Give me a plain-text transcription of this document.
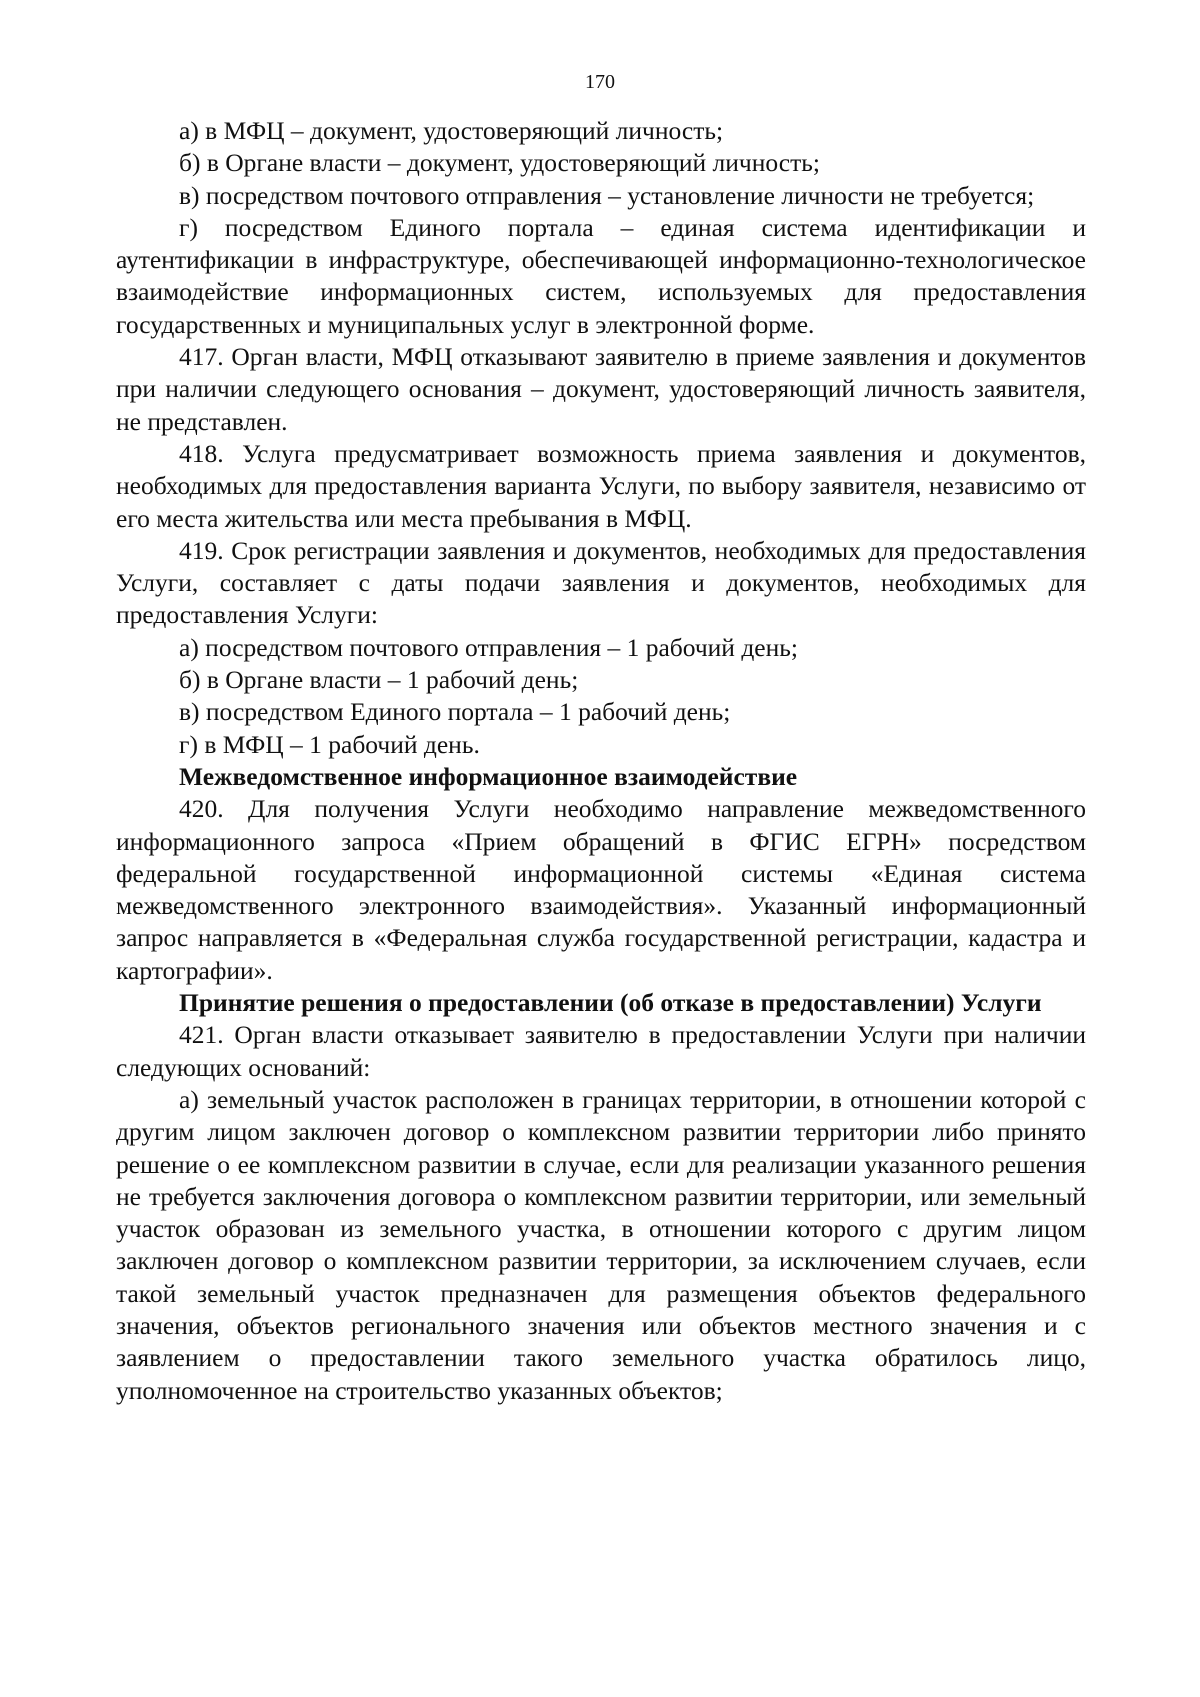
170

а) в МФЦ – документ, удостоверяющий личность;

б) в Органе власти – документ, удостоверяющий личность;

в) посредством почтового отправления – установление личности не требуется;

г) посредством Единого портала – единая система идентификации и аутентификации в инфраструктуре, обеспечивающей информационно-технологическое взаимодействие информационных систем, используемых для предоставления государственных и муниципальных услуг в электронной форме.

417. Орган власти, МФЦ отказывают заявителю в приеме заявления и документов при наличии следующего основания – документ, удостоверяющий личность заявителя, не представлен.

418. Услуга предусматривает возможность приема заявления и документов, необходимых для предоставления варианта Услуги, по выбору заявителя, независимо от его места жительства или места пребывания в МФЦ.

419. Срок регистрации заявления и документов, необходимых для предоставления Услуги, составляет с даты подачи заявления и документов, необходимых для предоставления Услуги:

а) посредством почтового отправления – 1 рабочий день;

б) в Органе власти – 1 рабочий день;

в) посредством Единого портала – 1 рабочий день;

г) в МФЦ – 1 рабочий день.

Межведомственное информационное взаимодействие

420. Для получения Услуги необходимо направление межведомственного информационного запроса «Прием обращений в ФГИС ЕГРН» посредством федеральной государственной информационной системы «Единая система межведомственного электронного взаимодействия». Указанный информационный запрос направляется в «Федеральная служба государственной регистрации, кадастра и картографии».

Принятие решения о предоставлении (об отказе в предоставлении) Услуги

421. Орган власти отказывает заявителю в предоставлении Услуги при наличии следующих оснований:

а) земельный участок расположен в границах территории, в отношении которой с другим лицом заключен договор о комплексном развитии территории либо принято решение о ее комплексном развитии в случае, если для реализации указанного решения не требуется заключения договора о комплексном развитии территории, или земельный участок образован из земельного участка, в отношении которого с другим лицом заключен договор о комплексном развитии территории, за исключением случаев, если такой земельный участок предназначен для размещения объектов федерального значения, объектов регионального значения или объектов местного значения и с заявлением о предоставлении такого земельного участка обратилось лицо, уполномоченное на строительство указанных объектов;
